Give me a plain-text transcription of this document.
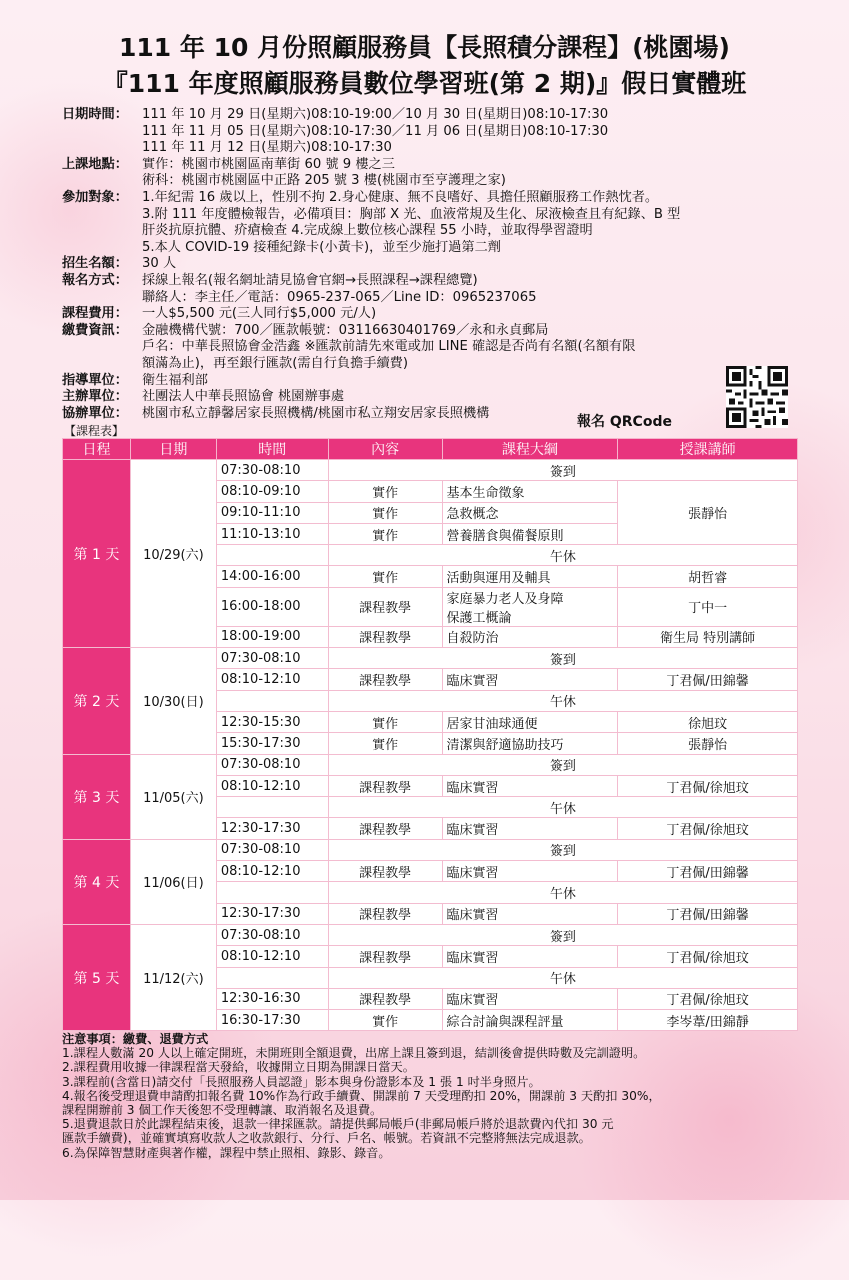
111 年 10 月份照顧服務員【長照積分課程】(桃園場)
『111 年度照顧服務員數位學習班(第 2 期)』假日實體班
日期時間：	111 年 10 月 29 日(星期六)08:10-19:00／10 月 30 日(星期日)08:10-17:30
111 年 11 月 05 日(星期六)08:10-17:30／11 月 06 日(星期日)08:10-17:30
111 年 11 月 12 日(星期六)08:10-17:30
上課地點：	實作：桃園市桃園區南華街 60 號 9 樓之三
術科：桃園市桃園區中正路 205 號 3 樓(桃園市至亨護理之家)
參加對象：	1.年紀需 16 歲以上，性別不拘 2.身心健康、無不良嗜好、具擔任照顧服務工作熱忱者。
3.附 111 年度體檢報告，必備項目：胸部 X 光、血液常規及生化、尿液檢查且有紀錄、B 型
肝炎抗原抗體、疥瘡檢查 4.完成線上數位核心課程 55 小時，並取得學習證明
5.本人 COVID-19 接種紀錄卡(小黃卡)，並至少施打過第二劑
招生名額：	30 人
報名方式：	採線上報名(報名網址請見協會官網→長照課程→課程總覽)
聯絡人：李主任／電話：0965-237-065／Line ID：0965237065
課程費用：	一人$5,500 元(三人同行$5,000 元/人)
繳費資訊：	金融機構代號：700／匯款帳號：03116630401769／永和永貞郵局
戶名：中華長照協會金浩鑫 ※匯款前請先來電或加 LINE 確認是否尚有名額(名額有限
額滿為止)，再至銀行匯款(需自行負擔手續費)
指導單位：	衛生福利部
主辦單位：	社團法人中華長照協會 桃園辦事處
協辦單位：	桃園市私立靜馨居家長照機構/桃園市私立翔安居家長照機構
報名 QRCode
【課程表】
日程	日期	時間	內容	課程大綱	授課講師
第 1 天	10/29(六)	07:30-08:10	簽到		
		08:10-09:10	實作	基本生命徵象	張靜怡
		09:10-11:10	實作	急救概念	
		11:10-13:10	實作	營養膳食與備餐原則	
			午休		
		14:00-16:00	實作	活動與運用及輔具	胡哲睿
		16:00-18:00	課程教學	家庭暴力老人及身障
保護工概論	丁中一
		18:00-19:00	課程教學	自殺防治	衛生局 特別講師
第 2 天	10/30(日)	07:30-08:10	簽到		
		08:10-12:10	課程教學	臨床實習	丁君佩/田錦馨
			午休		
		12:30-15:30	實作	居家甘油球通便	徐旭玟
		15:30-17:30	實作	清潔與舒適協助技巧	張靜怡
第 3 天	11/05(六)	07:30-08:10	簽到		
		08:10-12:10	課程教學	臨床實習	丁君佩/徐旭玟
			午休		
		12:30-17:30	課程教學	臨床實習	丁君佩/徐旭玟
第 4 天	11/06(日)	07:30-08:10	簽到		
		08:10-12:10	課程教學	臨床實習	丁君佩/田錦馨
			午休		
		12:30-17:30	課程教學	臨床實習	丁君佩/田錦馨
第 5 天	11/12(六)	07:30-08:10	簽到		
		08:10-12:10	課程教學	臨床實習	丁君佩/徐旭玟
			午休		
		12:30-16:30	課程教學	臨床實習	丁君佩/徐旭玟
		16:30-17:30	實作	綜合討論與課程評量	李岑葦/田錦靜
注意事項：繳費、退費方式
1.課程人數滿 20 人以上確定開班，未開班則全額退費，出席上課且簽到退，結訓後會提供時數及完訓證明。
2.課程費用收據一律課程當天發給，收據開立日期為開課日當天。
3.課程前(含當日)請交付「長照服務人員認證」影本與身份證影本及 1 張 1 吋半身照片。
4.報名後受理退費申請酌扣報名費 10%作為行政手續費、開課前 7 天受理酌扣 20%，開課前 3 天酌扣 30%，
課程開辦前 3 個工作天後恕不受理轉讓、取消報名及退費。
5.退費退款日於此課程結束後，退款一律採匯款。請提供郵局帳戶(非郵局帳戶將於退款費內代扣 30 元
匯款手續費)，並確實填寫收款人之收款銀行、分行、戶名、帳號。若資訊不完整將無法完成退款。
6.為保障智慧財產與著作權，課程中禁止照相、錄影、錄音。
